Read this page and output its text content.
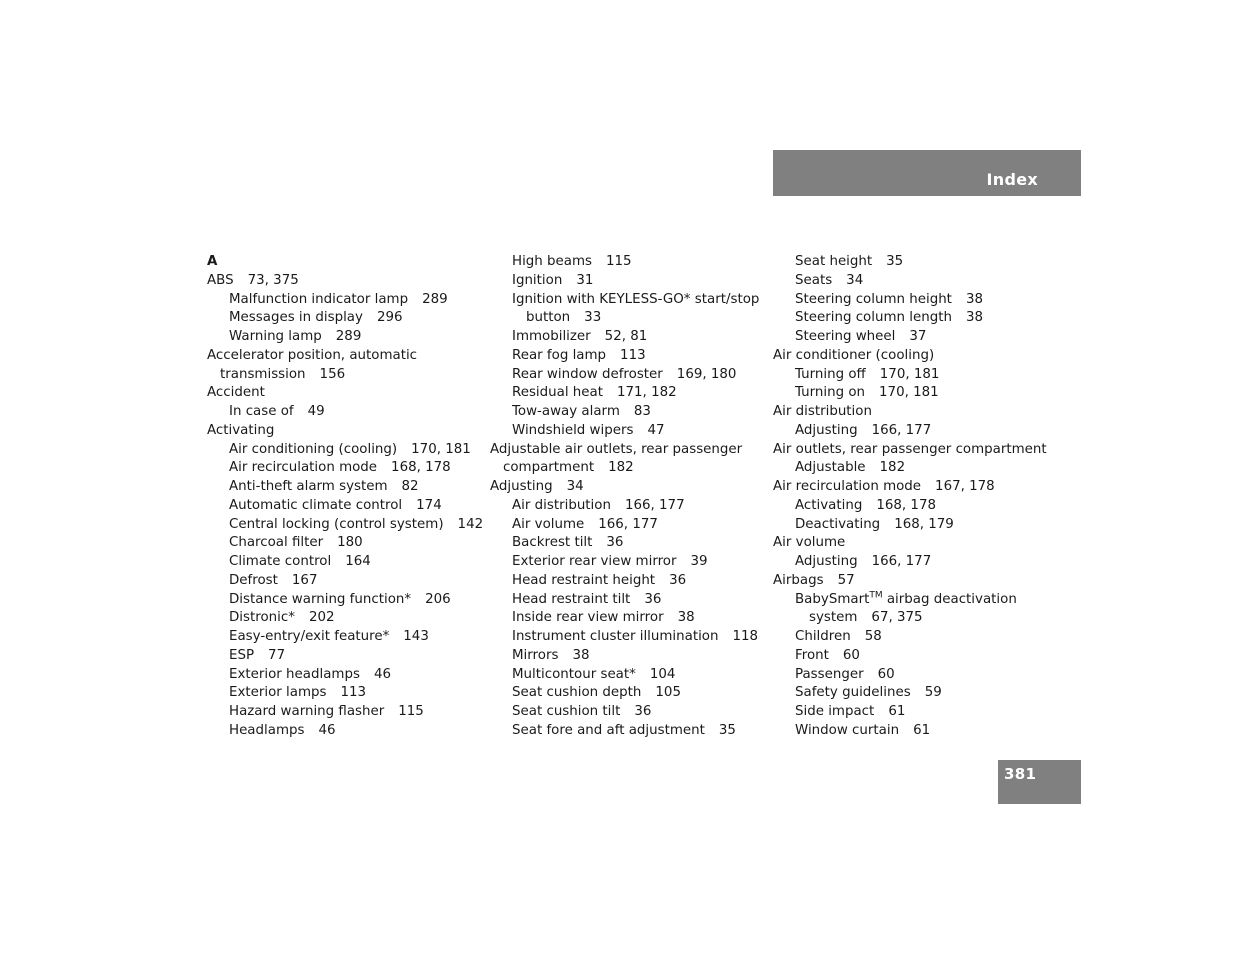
Index
A
ABS 73, 375
Malfunction indicator lamp 289
Messages in display 296
Warning lamp 289
Accelerator position, automatic
transmission 156
Accident
In case of 49
Activating
Air conditioning (cooling) 170, 181
Air recirculation mode 168, 178
Anti-theft alarm system 82
Automatic climate control 174
Central locking (control system) 142
Charcoal filter 180
Climate control 164
Defrost 167
Distance warning function* 206
Distronic* 202
Easy-entry/exit feature* 143
ESP 77
Exterior headlamps 46
Exterior lamps 113
Hazard warning flasher 115
Headlamps 46
High beams 115
Ignition 31
Ignition with KEYLESS-GO* start/stop
button 33
Immobilizer 52, 81
Rear fog lamp 113
Rear window defroster 169, 180
Residual heat 171, 182
Tow-away alarm 83
Windshield wipers 47
Adjustable air outlets, rear passenger
compartment 182
Adjusting 34
Air distribution 166, 177
Air volume 166, 177
Backrest tilt 36
Exterior rear view mirror 39
Head restraint height 36
Head restraint tilt 36
Inside rear view mirror 38
Instrument cluster illumination 118
Mirrors 38
Multicontour seat* 104
Seat cushion depth 105
Seat cushion tilt 36
Seat fore and aft adjustment 35
Seat height 35
Seats 34
Steering column height 38
Steering column length 38
Steering wheel 37
Air conditioner (cooling)
Turning off 170, 181
Turning on 170, 181
Air distribution
Adjusting 166, 177
Air outlets, rear passenger compartment
Adjustable 182
Air recirculation mode 167, 178
Activating 168, 178
Deactivating 168, 179
Air volume
Adjusting 166, 177
Airbags 57
BabySmart™ airbag deactivation
system 67, 375
Children 58
Front 60
Passenger 60
Safety guidelines 59
Side impact 61
Window curtain 61
381
